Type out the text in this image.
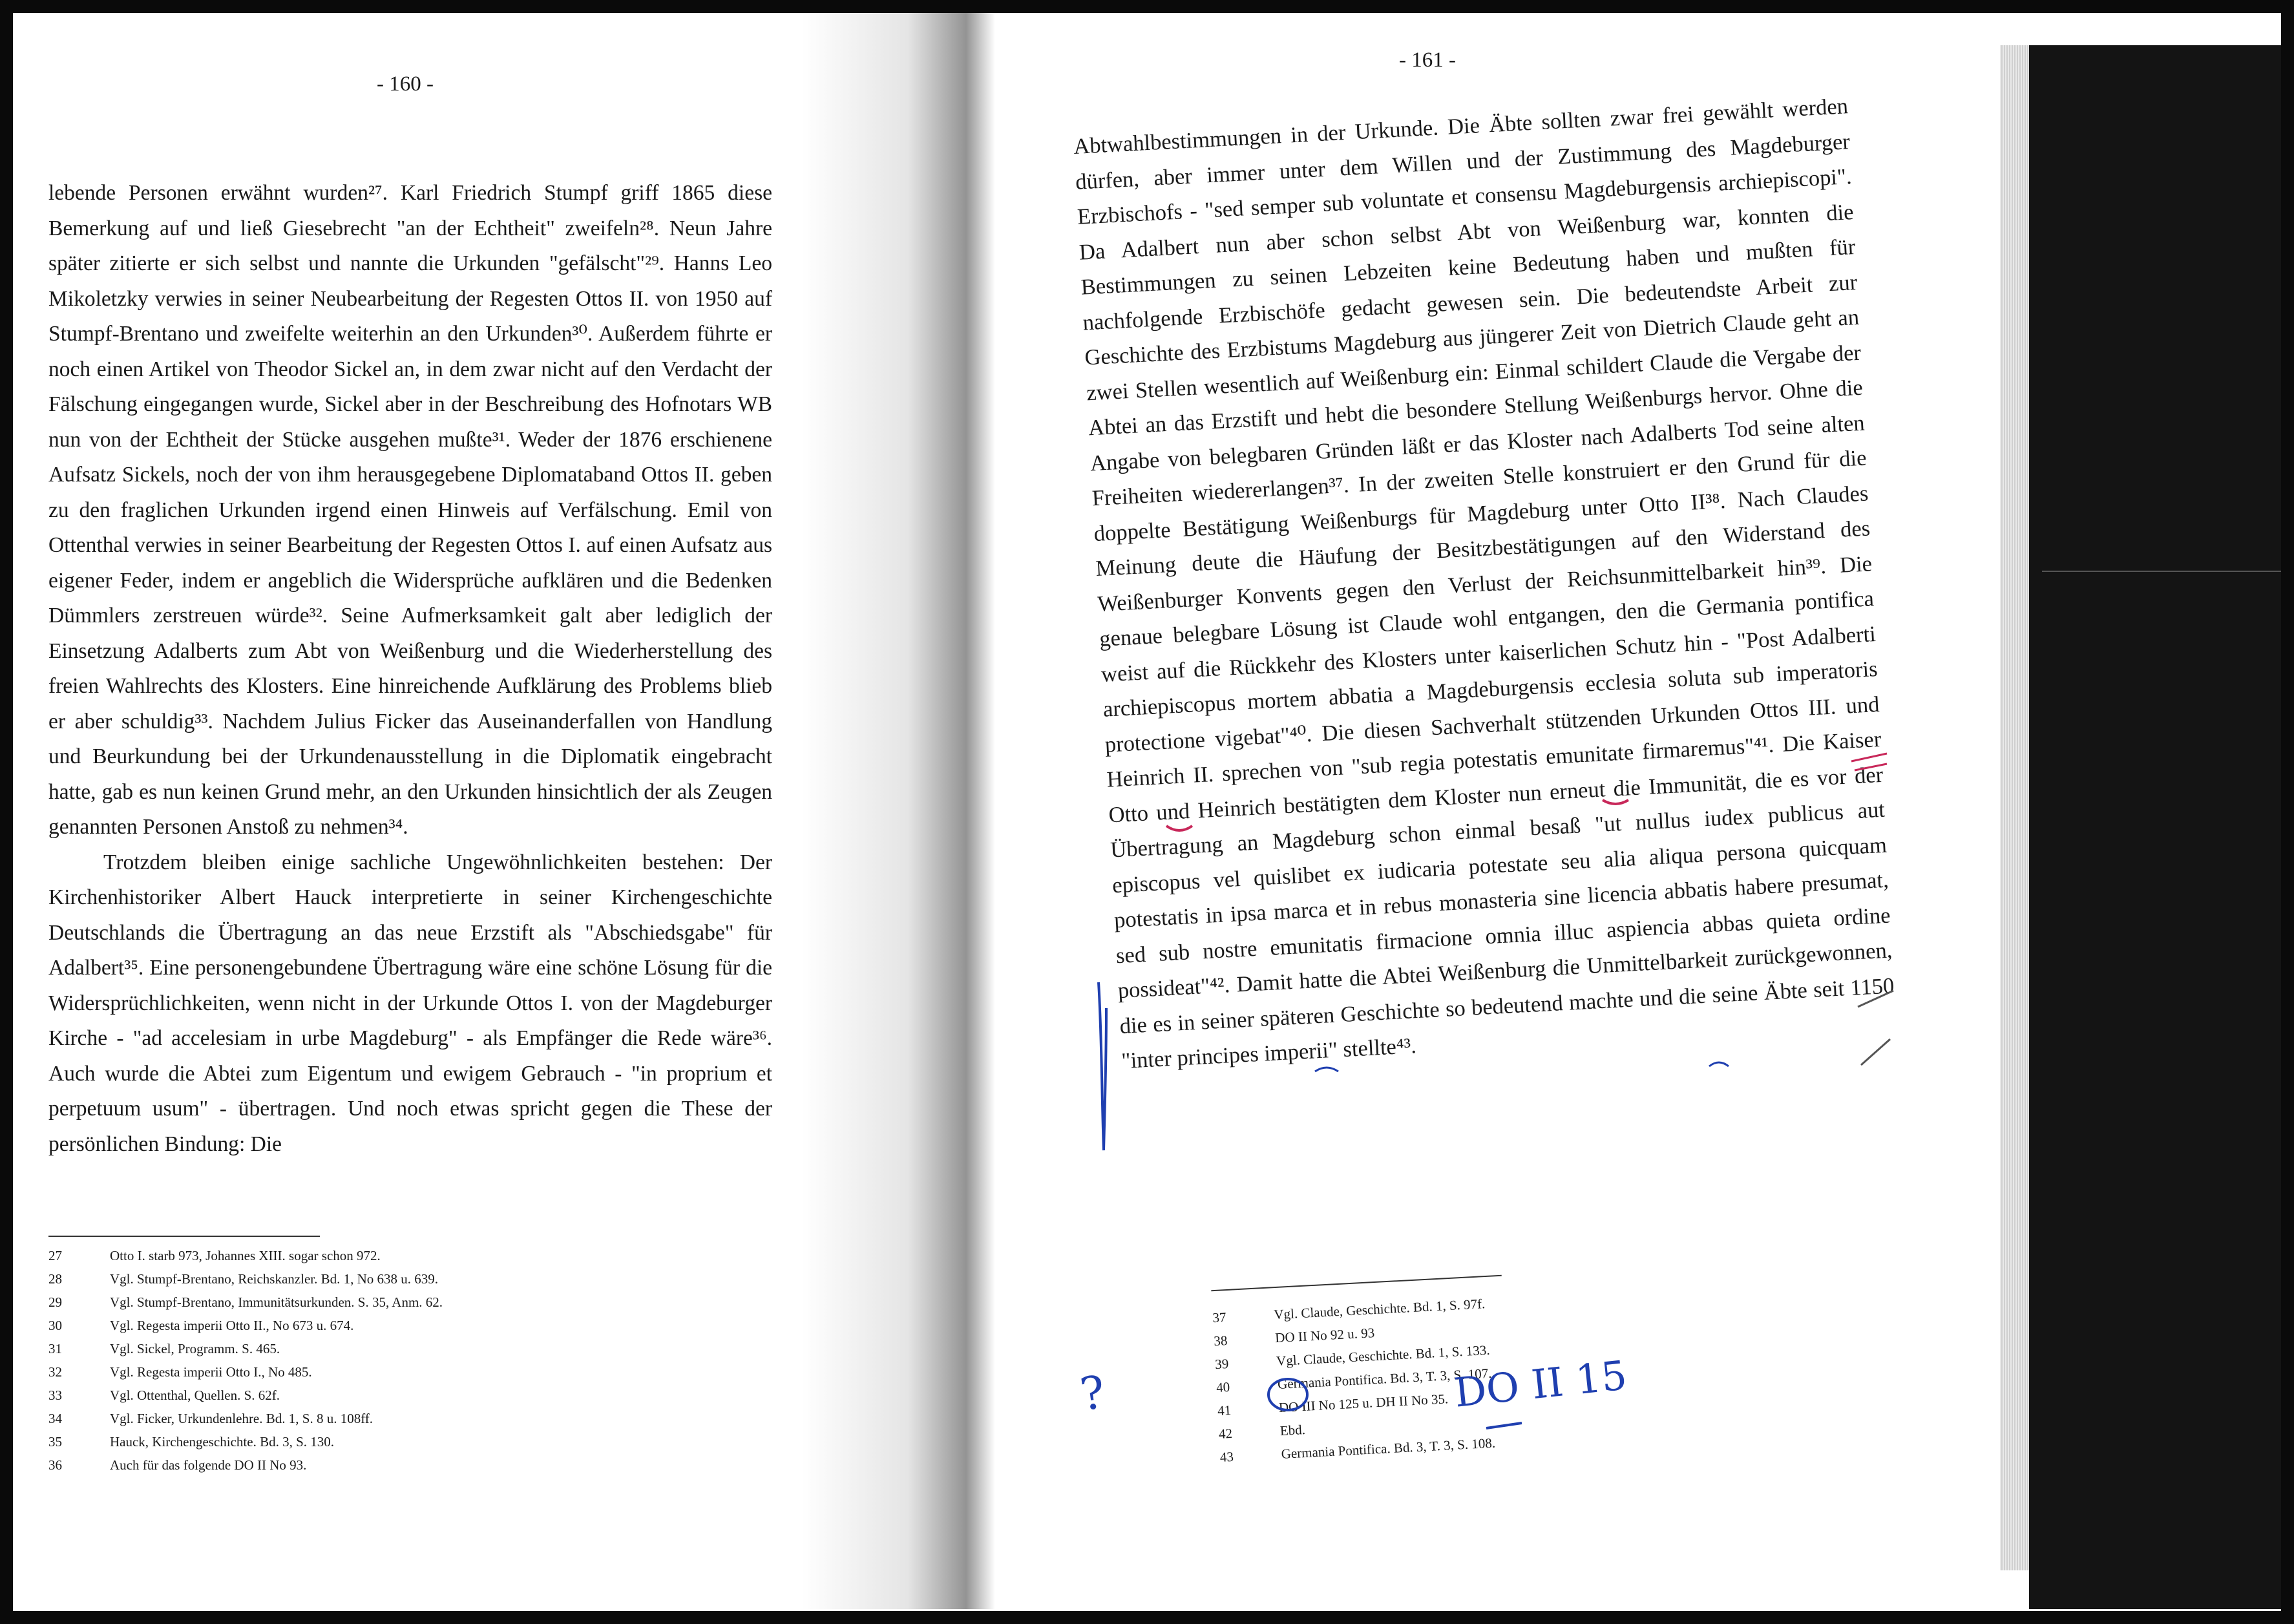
- 160 -

lebende Personen erwähnt wurden²⁷. Karl Friedrich Stumpf griff 1865 diese Bemerkung auf und ließ Giesebrecht "an der Echtheit" zweifeln²⁸. Neun Jahre später zitierte er sich selbst und nannte die Urkunden "gefälscht"²⁹. Hanns Leo Mikoletzky verwies in seiner Neubearbeitung der Regesten Ottos II. von 1950 auf Stumpf-Brentano und zweifelte weiterhin an den Urkunden³⁰. Außerdem führte er noch einen Artikel von Theodor Sickel an, in dem zwar nicht auf den Verdacht der Fälschung eingegangen wurde, Sickel aber in der Beschreibung des Hofnotars WB nun von der Echtheit der Stücke ausgehen mußte³¹. Weder der 1876 erschienene Aufsatz Sickels, noch der von ihm herausgegebene Diplomataband Ottos II. geben zu den fraglichen Urkunden irgend einen Hinweis auf Verfälschung. Emil von Ottenthal verwies in seiner Bearbeitung der Regesten Ottos I. auf einen Aufsatz aus eigener Feder, indem er angeblich die Widersprüche aufklären und die Bedenken Dümmlers zerstreuen würde³². Seine Aufmerksamkeit galt aber lediglich der Einsetzung Adalberts zum Abt von Weißenburg und die Wiederherstellung des freien Wahlrechts des Klosters. Eine hinreichende Aufklärung des Problems blieb er aber schuldig³³. Nachdem Julius Ficker das Auseinanderfallen von Handlung und Beurkundung bei der Urkundenausstellung in die Diplomatik eingebracht hatte, gab es nun keinen Grund mehr, an den Urkunden hinsichtlich der als Zeugen genannten Personen Anstoß zu nehmen³⁴.

Trotzdem bleiben einige sachliche Ungewöhnlichkeiten bestehen: Der Kirchenhistoriker Albert Hauck interpretierte in seiner Kirchengeschichte Deutschlands die Übertragung an das neue Erzstift als "Abschiedsgabe" für Adalbert³⁵. Eine personengebundene Übertragung wäre eine schöne Lösung für die Widersprüchlichkeiten, wenn nicht in der Urkunde Ottos I. von der Magdeburger Kirche - "ad accelesiam in urbe Magdeburg" - als Empfänger die Rede wäre³⁶. Auch wurde die Abtei zum Eigentum und ewigem Gebrauch - "in proprium et perpetuum usum" - übertragen. Und noch etwas spricht gegen die These der persönlichen Bindung: Die

27	Otto I. starb 973, Johannes XIII. sogar schon 972.
28	Vgl. Stumpf-Brentano, Reichskanzler. Bd. 1, No 638 u. 639.
29	Vgl. Stumpf-Brentano, Immunitätsurkunden. S. 35, Anm. 62.
30	Vgl. Regesta imperii Otto II., No 673 u. 674.
31	Vgl. Sickel, Programm. S. 465.
32	Vgl. Regesta imperii Otto I., No 485.
33	Vgl. Ottenthal, Quellen. S. 62f.
34	Vgl. Ficker, Urkundenlehre. Bd. 1, S. 8 u. 108ff.
35	Hauck, Kirchengeschichte. Bd. 3, S. 130.
36	Auch für das folgende DO II No 93.
- 161 -

Abtwahlbestimmungen in der Urkunde. Die Äbte sollten zwar frei gewählt werden dürfen, aber immer unter dem Willen und der Zustimmung des Magdeburger Erzbischofs - "sed semper sub voluntate et consensu Magdeburgensis archiepiscopi". Da Adalbert nun aber schon selbst Abt von Weißenburg war, konnten die Bestimmungen zu seinen Lebzeiten keine Bedeutung haben und mußten für nachfolgende Erzbischöfe gedacht gewesen sein. Die bedeutendste Arbeit zur Geschichte des Erzbistums Magdeburg aus jüngerer Zeit von Dietrich Claude geht an zwei Stellen wesentlich auf Weißenburg ein: Einmal schildert Claude die Vergabe der Abtei an das Erzstift und hebt die besondere Stellung Weißenburgs hervor. Ohne die Angabe von belegbaren Gründen läßt er das Kloster nach Adalberts Tod seine alten Freiheiten wiedererlangen³⁷. In der zweiten Stelle konstruiert er den Grund für die doppelte Bestätigung Weißenburgs für Magdeburg unter Otto II³⁸. Nach Claudes Meinung deute die Häufung der Besitzbestätigungen auf den Widerstand des Weißenburger Konvents gegen den Verlust der Reichsunmittelbarkeit hin³⁹. Die genaue belegbare Lösung ist Claude wohl entgangen, den die Germania pontifica weist auf die Rückkehr des Klosters unter kaiserlichen Schutz hin - "Post Adalberti archiepiscopus mortem abbatia a Magdeburgensis ecclesia soluta sub imperatoris protectione vigebat"⁴⁰. Die diesen Sachverhalt stützenden Urkunden Ottos III. und Heinrich II. sprechen von "sub regia potestatis emunitate firmaremus"⁴¹. Die Kaiser Otto und Heinrich bestätigten dem Kloster nun erneut die Immunität, die es vor der Übertragung an Magdeburg schon einmal besaß "ut nullus iudex publicus aut episcopus vel quislibet ex iudicaria potestate seu alia aliqua persona quicquam potestatis in ipsa marca et in rebus monasteria sine licencia abbatis habere presumat, sed sub nostre emunitatis firmacione omnia illuc aspiencia abbas quieta ordine possideat"⁴². Damit hatte die Abtei Weißenburg die Unmittelbarkeit zurückgewonnen, die es in seiner späteren Geschichte so bedeutend machte und die seine Äbte seit 1150 "inter principes imperii" stellte⁴³.

37	Vgl. Claude, Geschichte. Bd. 1, S. 97f.
38	DO II No 92 u. 93
39	Vgl. Claude, Geschichte. Bd. 1, S. 133.
40	Germania Pontifica. Bd. 3, T. 3, S. 107.
41	DO III No 125 u. DH II No 35.
42	Ebd.
43	Germania Pontifica. Bd. 3, T. 3, S. 108.
?	DO II 15
